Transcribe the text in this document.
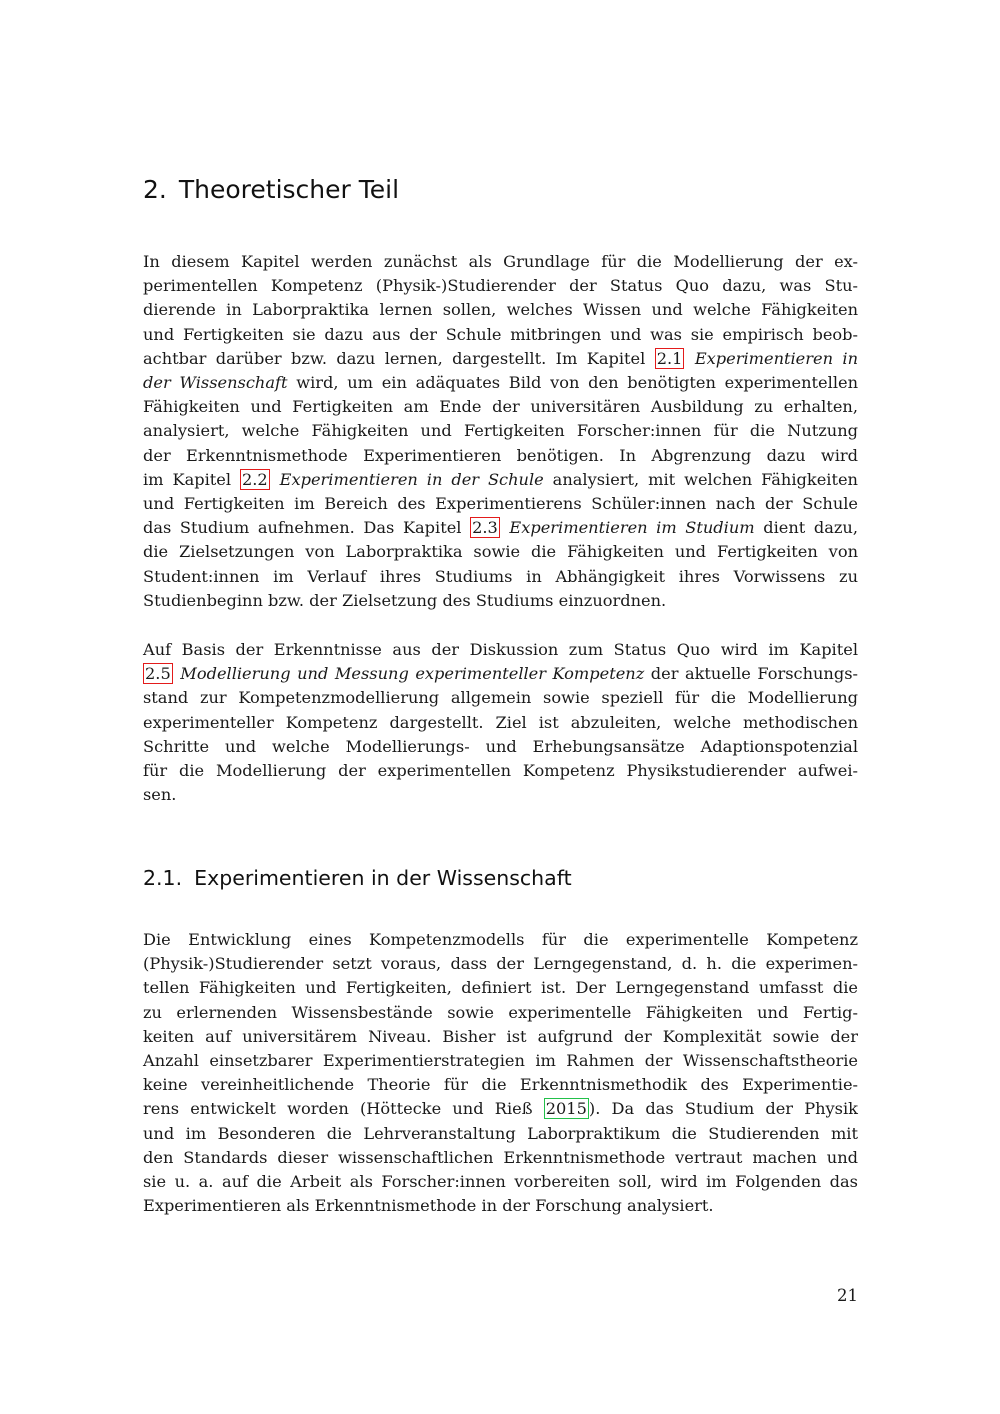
2. Theoretischer Teil
In diesem Kapitel werden zunächst als Grundlage für die Modellierung der ex-
perimentellen Kompetenz (Physik-)Studierender der Status Quo dazu, was Stu-
dierende in Laborpraktika lernen sollen, welches Wissen und welche Fähigkeiten
und Fertigkeiten sie dazu aus der Schule mitbringen und was sie empirisch beob-
achtbar darüber bzw. dazu lernen, dargestellt. Im Kapitel 2.1 Experimentieren in
der Wissenschaft wird, um ein adäquates Bild von den benötigten experimentellen
Fähigkeiten und Fertigkeiten am Ende der universitären Ausbildung zu erhalten,
analysiert, welche Fähigkeiten und Fertigkeiten Forscher:innen für die Nutzung
der Erkenntnismethode Experimentieren benötigen. In Abgrenzung dazu wird
im Kapitel 2.2 Experimentieren in der Schule analysiert, mit welchen Fähigkeiten
und Fertigkeiten im Bereich des Experimentierens Schüler:innen nach der Schule
das Studium aufnehmen. Das Kapitel 2.3 Experimentieren im Studium dient dazu,
die Zielsetzungen von Laborpraktika sowie die Fähigkeiten und Fertigkeiten von
Student:innen im Verlauf ihres Studiums in Abhängigkeit ihres Vorwissens zu
Studienbeginn bzw. der Zielsetzung des Studiums einzuordnen.
Auf Basis der Erkenntnisse aus der Diskussion zum Status Quo wird im Kapitel
2.5 Modellierung und Messung experimenteller Kompetenz der aktuelle Forschungs-
stand zur Kompetenzmodellierung allgemein sowie speziell für die Modellierung
experimenteller Kompetenz dargestellt. Ziel ist abzuleiten, welche methodischen
Schritte und welche Modellierungs- und Erhebungsansätze Adaptionspotenzial
für die Modellierung der experimentellen Kompetenz Physikstudierender aufwei-
sen.
2.1. Experimentieren in der Wissenschaft
Die Entwicklung eines Kompetenzmodells für die experimentelle Kompetenz
(Physik-)Studierender setzt voraus, dass der Lerngegenstand, d. h. die experimen-
tellen Fähigkeiten und Fertigkeiten, definiert ist. Der Lerngegenstand umfasst die
zu erlernenden Wissensbestände sowie experimentelle Fähigkeiten und Fertig-
keiten auf universitärem Niveau. Bisher ist aufgrund der Komplexität sowie der
Anzahl einsetzbarer Experimentierstrategien im Rahmen der Wissenschaftstheorie
keine vereinheitlichende Theorie für die Erkenntnismethodik des Experimentie-
rens entwickelt worden (Höttecke und Rieß 2015 ). Da das Studium der Physik
und im Besonderen die Lehrveranstaltung Laborpraktikum die Studierenden mit
den Standards dieser wissenschaftlichen Erkenntnismethode vertraut machen und
sie u. a. auf die Arbeit als Forscher:innen vorbereiten soll, wird im Folgenden das
Experimentieren als Erkenntnismethode in der Forschung analysiert.
21
